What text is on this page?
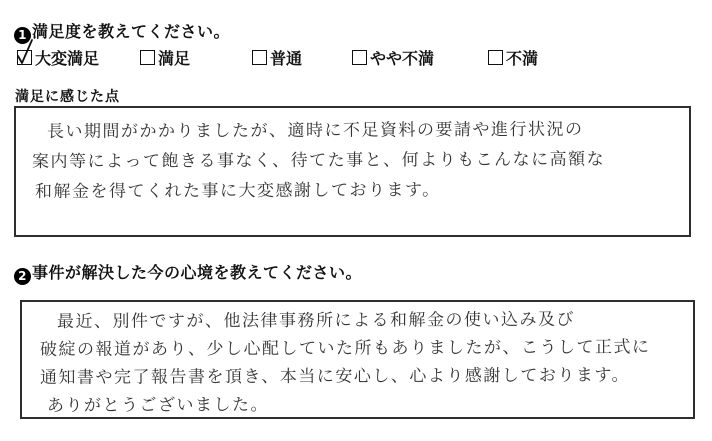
1 満足度を教えてください。
大変満足	満足	普通	やや不満	不満
満足に感じた点
長い期間がかかりましたが、適時に不足資料の要請や進行状況の
案内等によって飽きる事なく、待てた事と、何よりもこんなに高額な
和解金を得てくれた事に大変感謝しております。
2 事件が解決した今の心境を教えてください。
最近、別件ですが、他法律事務所による和解金の使い込み及び
破綻の報道があり、少し心配していた所もありましたが、こうして正式に
通知書や完了報告書を頂き、本当に安心し、心より感謝しております。
ありがとうございました。
